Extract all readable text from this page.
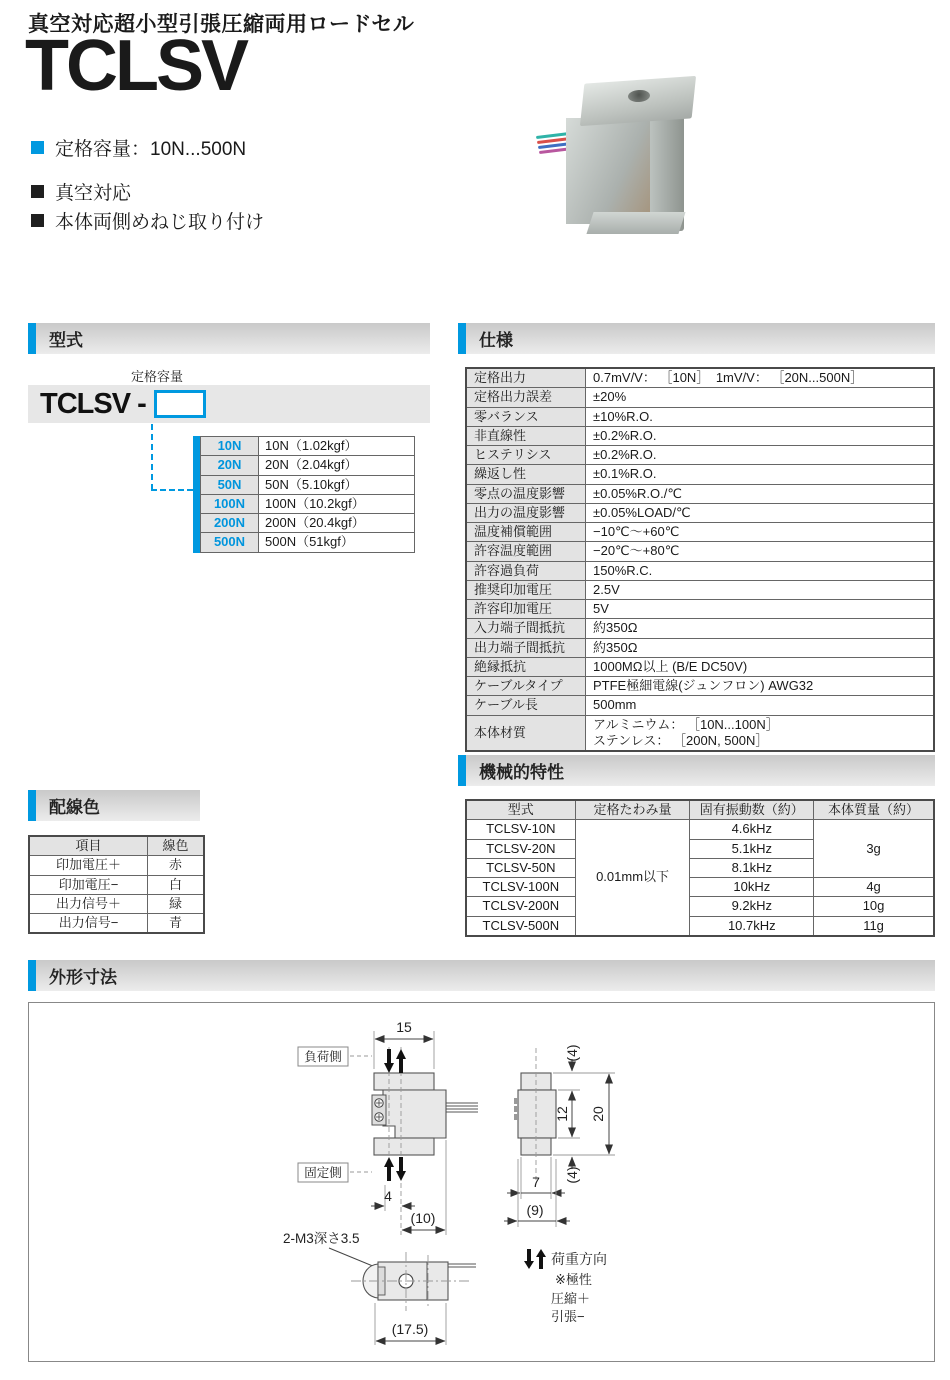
真空対応超小型引張圧縮両用ロードセル
TCLSV
定格容量：10N...500N
真空対応
本体両側めねじ取り付け
型式
定格容量
TCLSV -
10N	10N（1.02kgf）
20N	20N（2.04kgf）
50N	50N（5.10kgf）
100N	100N（10.2kgf）
200N	200N（20.4kgf）
500N	500N（51kgf）
仕様
定格出力	0.7mV/V： ［10N］　1mV/V： ［20N...500N］
定格出力誤差	±20%
零バランス	±10%R.O.
非直線性	±0.2%R.O.
ヒステリシス	±0.2%R.O.
繰返し性	±0.1%R.O.
零点の温度影響	±0.05%R.O./℃
出力の温度影響	±0.05%LOAD/℃
温度補償範囲	−10℃〜+60℃
許容温度範囲	−20℃〜+80℃
許容過負荷	150%R.C.
推奨印加電圧	2.5V
許容印加電圧	5V
入力端子間抵抗	約350Ω
出力端子間抵抗	約350Ω
絶縁抵抗	1000MΩ以上 (B/E DC50V)
ケーブルタイプ	PTFE極細電線(ジュンフロン) AWG32
ケーブル長	500mm
本体材質	アルミニウム： ［10N...100N］
ステンレス： ［200N, 500N］
機械的特性
型式	定格たわみ量	固有振動数（約）	本体質量（約）
TCLSV-10N	0.01mm以下	4.6kHz	3g
TCLSV-20N		5.1kHz	
TCLSV-50N		8.1kHz	
TCLSV-100N		10kHz	4g
TCLSV-200N		9.2kHz	10g
TCLSV-500N		10.7kHz	11g
配線色
項目	線色
印加電圧＋	赤
印加電圧−	白
出力信号＋	緑
出力信号−	青
外形寸法
15
負荷側
固定側
4
(10)
(4)
12
(4)
20
7
(9)
2-M3深さ3.5
(17.5)
荷重方向
※極性
圧縮＋
引張−
